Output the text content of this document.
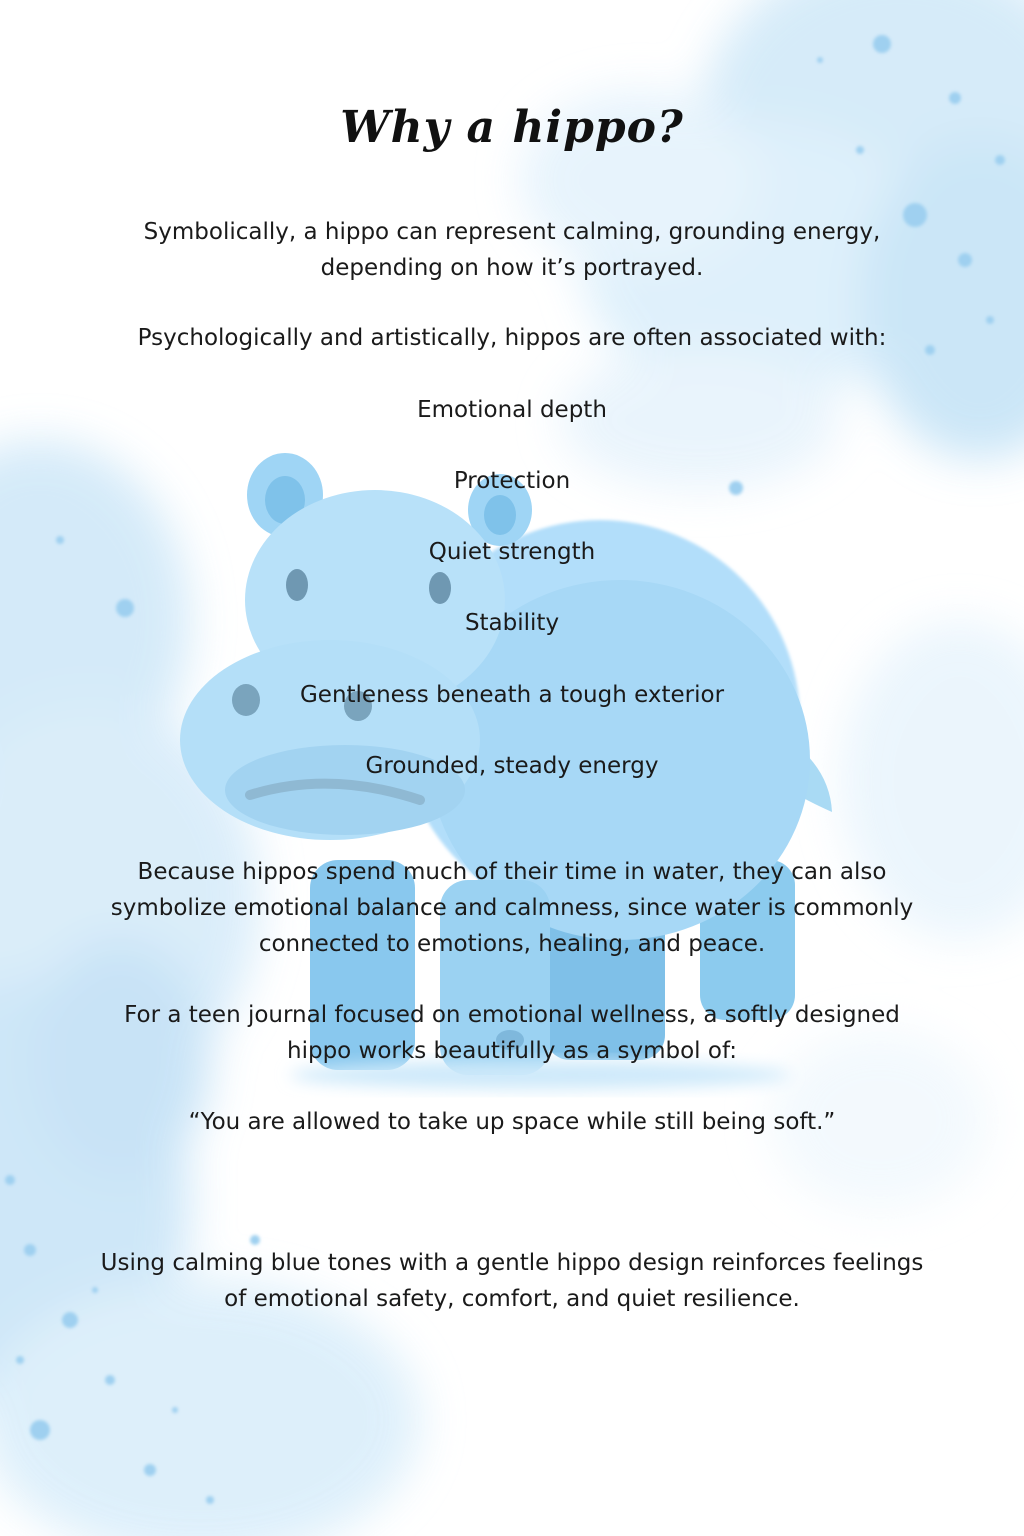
Why a hippo?

Symbolically, a hippo can represent calming, grounding energy, depending on how it’s portrayed.

Psychologically and artistically, hippos are often associated with:

Emotional depth
Protection
Quiet strength
Stability
Gentleness beneath a tough exterior
Grounded, steady energy

Because hippos spend much of their time in water, they can also symbolize emotional balance and calmness, since water is commonly connected to emotions, healing, and peace.

For a teen journal focused on emotional wellness, a softly designed hippo works beautifully as a symbol of:

“You are allowed to take up space while still being soft.”

Using calming blue tones with a gentle hippo design reinforces feelings of emotional safety, comfort, and quiet resilience.
